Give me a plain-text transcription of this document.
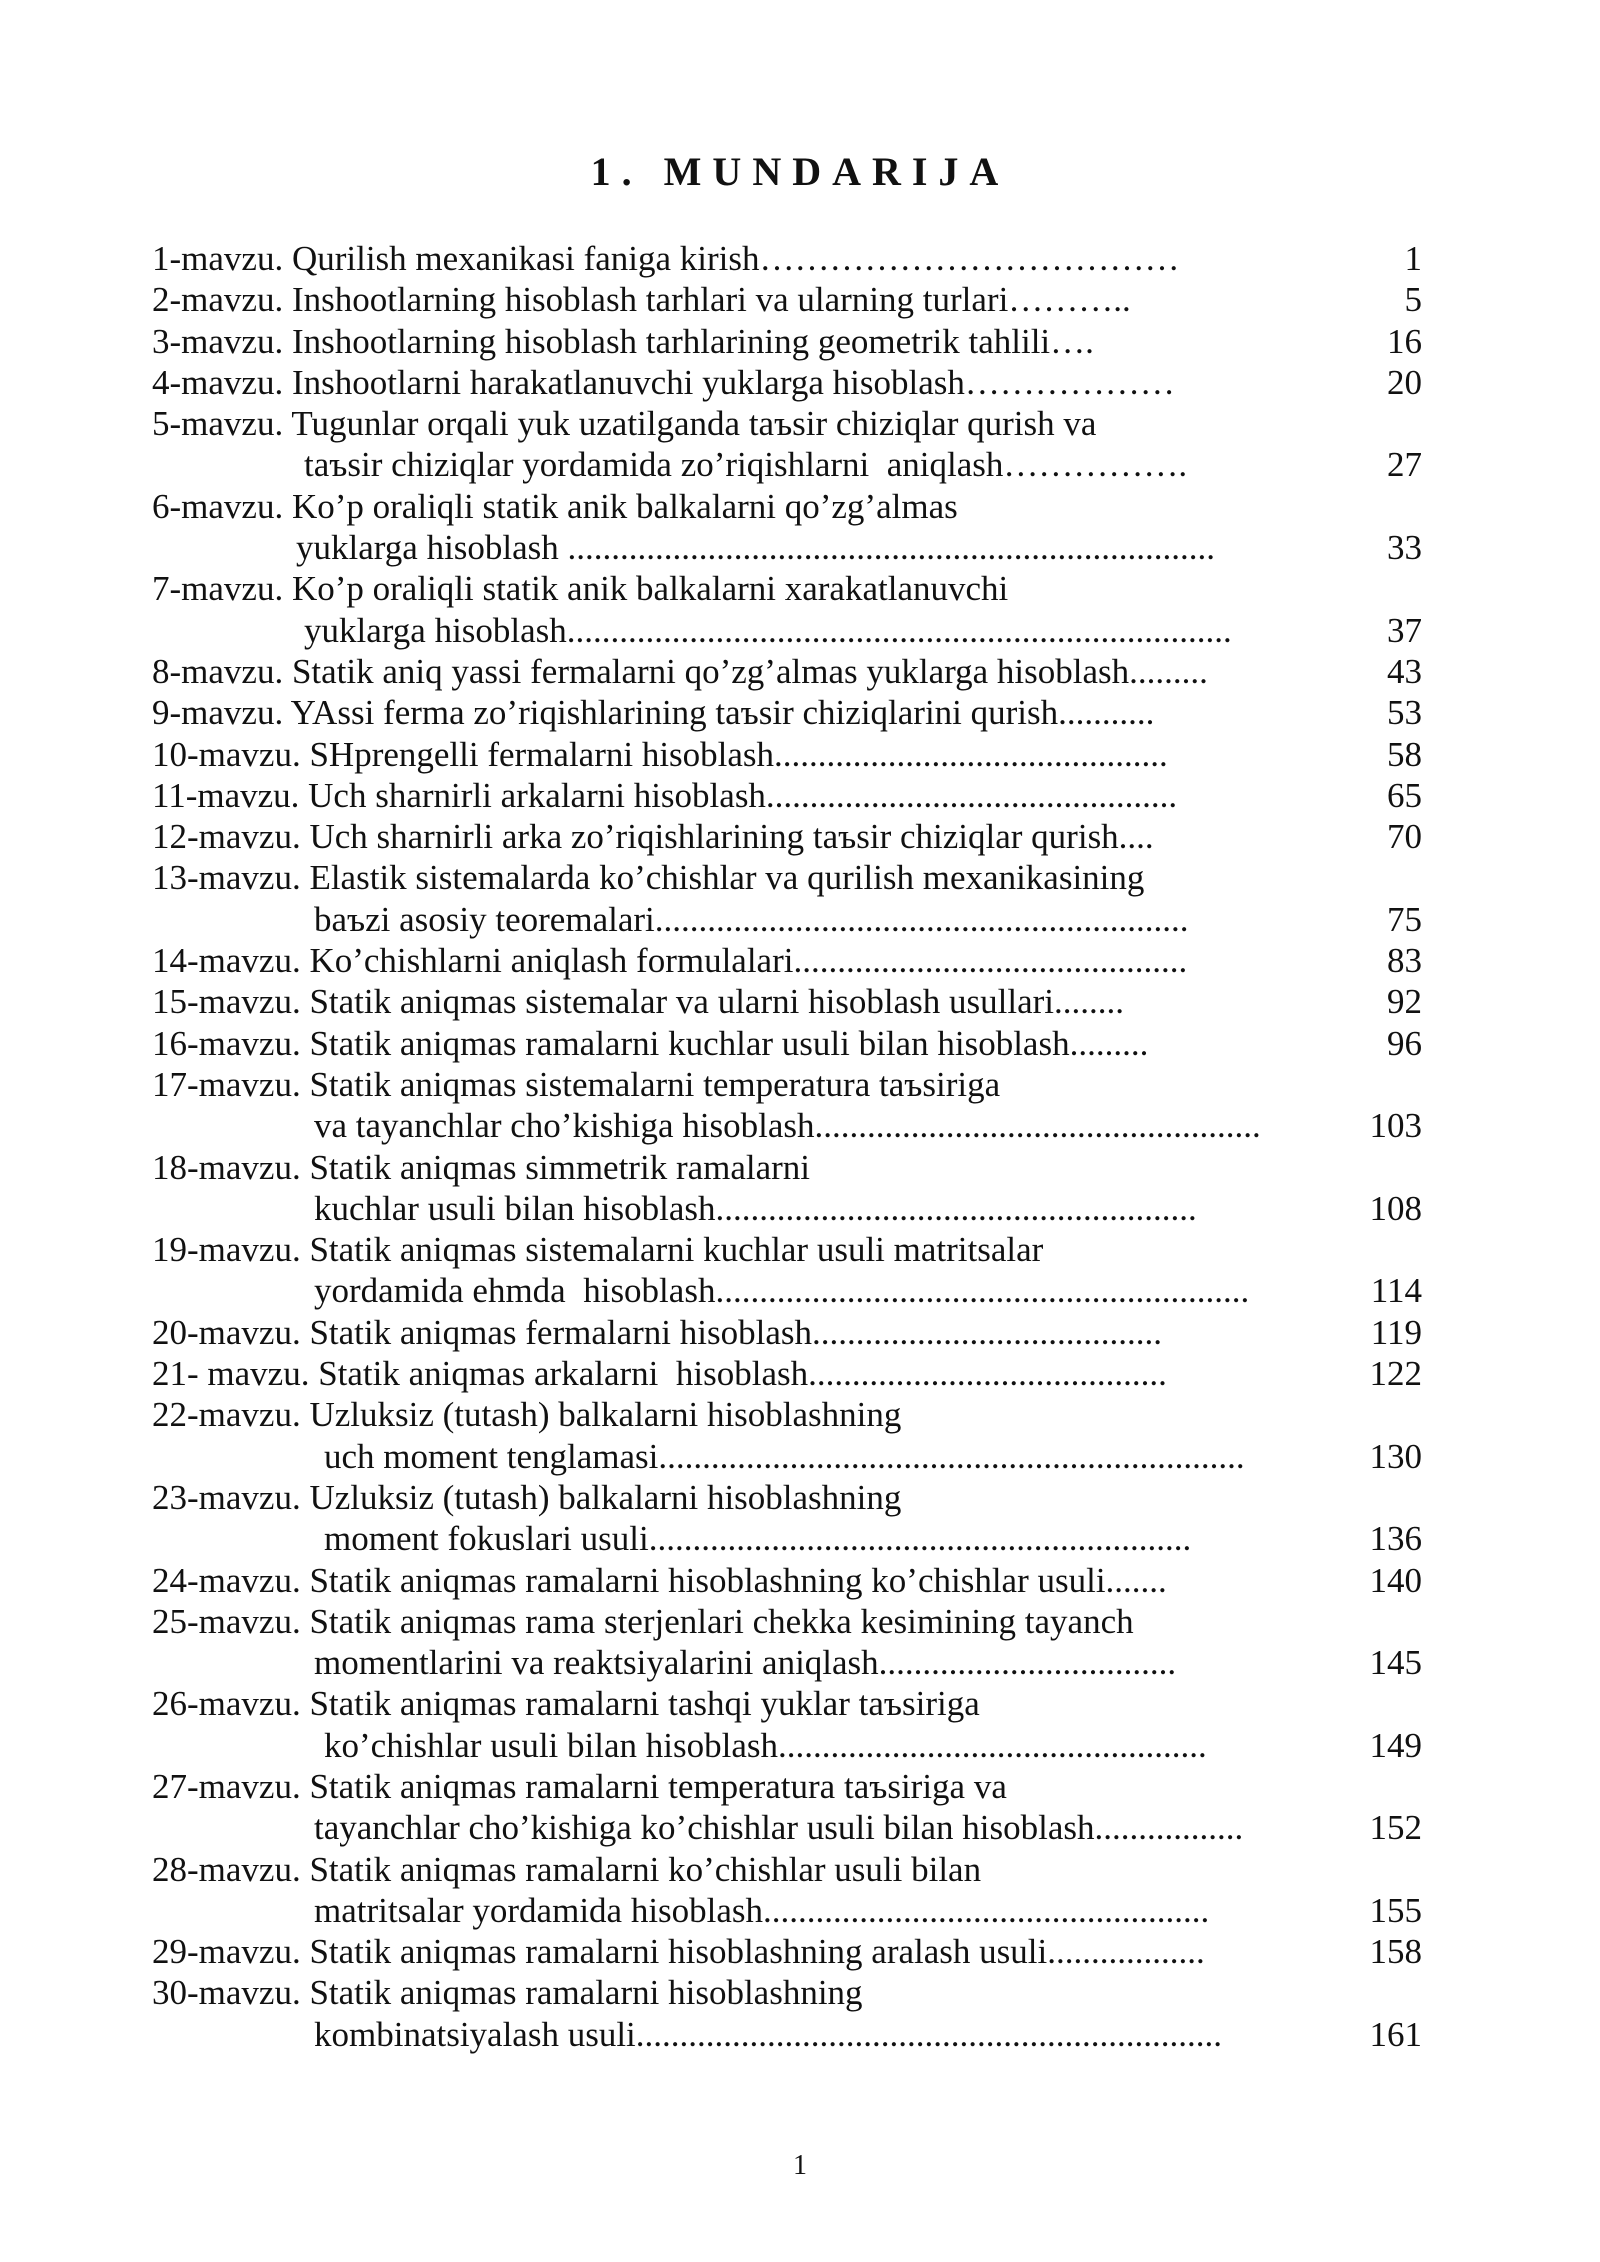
1. MUNDARIJA
1-mavzu. Qurilish mexanikasi faniga kirish………………………………	1
2-mavzu. Inshootlarning hisoblash tarhlari va ularning turlari………..	5
3-mavzu. Inshootlarning hisoblash tarhlarining geometrik tahlili….	16
4-mavzu. Inshootlarni harakatlanuvchi yuklarga hisoblash………………	20
5-mavzu. Tugunlar orqali yuk uzatilganda taъsir chiziqlar qurish va
taъsir chiziqlar yordamida zo’riqishlarni  aniqlash…………….	27
6-mavzu. Ko’p oraliqli statik anik balkalarni qo’zg’almas
yuklarga hisoblash ..........................................................................	33
7-mavzu. Ko’p oraliqli statik anik balkalarni xarakatlanuvchi
yuklarga hisoblash............................................................................	37
8-mavzu. Statik aniq yassi fermalarni qo’zg’almas yuklarga hisoblash.........	43
9-mavzu. YAssi ferma zo’riqishlarining taъsir chiziqlarini qurish...........	53
10-mavzu. SHprengelli fermalarni hisoblash.............................................	58
11-mavzu. Uch sharnirli arkalarni hisoblash...............................................	65
12-mavzu. Uch sharnirli arka zo’riqishlarining taъsir chiziqlar qurish....	70
13-mavzu. Elastik sistemalarda ko’chishlar va qurilish mexanikasining
baъzi asosiy teoremalari.............................................................	75
14-mavzu. Ko’chishlarni aniqlash formulalari.............................................	83
15-mavzu. Statik aniqmas sistemalar va ularni hisoblash usullari........	92
16-mavzu. Statik aniqmas ramalarni kuchlar usuli bilan hisoblash.........	96
17-mavzu. Statik aniqmas sistemalarni temperatura taъsiriga
va tayanchlar cho’kishiga hisoblash...................................................	103
18-mavzu. Statik aniqmas simmetrik ramalarni
kuchlar usuli bilan hisoblash.......................................................	108
19-mavzu. Statik aniqmas sistemalarni kuchlar usuli matritsalar
yordamida ehmda  hisoblash.............................................................	114
20-mavzu. Statik aniqmas fermalarni hisoblash........................................	119
21- mavzu. Statik aniqmas arkalarni  hisoblash.........................................	122
22-mavzu. Uzluksiz (tutash) balkalarni hisoblashning
uch moment tenglamasi...................................................................	130
23-mavzu. Uzluksiz (tutash) balkalarni hisoblashning
moment fokuslari usuli..............................................................	136
24-mavzu. Statik aniqmas ramalarni hisoblashning ko’chishlar usuli.......	140
25-mavzu. Statik aniqmas rama sterjenlari chekka kesimining tayanch
momentlarini va reaktsiyalarini aniqlash..................................	145
26-mavzu. Statik aniqmas ramalarni tashqi yuklar taъsiriga
ko’chishlar usuli bilan hisoblash.................................................	149
27-mavzu. Statik aniqmas ramalarni temperatura taъsiriga va
tayanchlar cho’kishiga ko’chishlar usuli bilan hisoblash.................	152
28-mavzu. Statik aniqmas ramalarni ko’chishlar usuli bilan
matritsalar yordamida hisoblash...................................................	155
29-mavzu. Statik aniqmas ramalarni hisoblashning aralash usuli..................	158
30-mavzu. Statik aniqmas ramalarni hisoblashning
kombinatsiyalash usuli...................................................................	161
1
